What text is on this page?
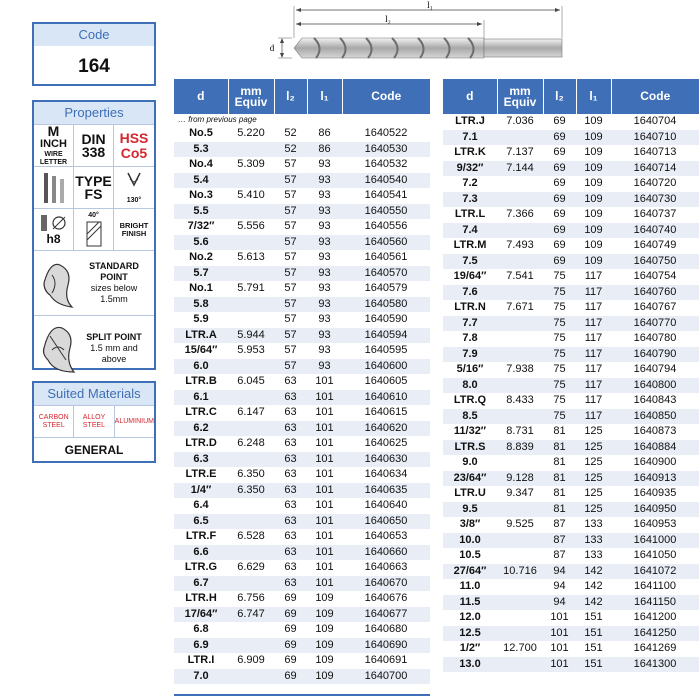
Code
164
Properties
M
INCH
WIRE
LETTER
DIN
338
HSS
Co5
TYPE
FS	130°
h8
40°
BRIGHT
FINISH
STANDARD
POINT
sizes below
1.5mm
SPLIT POINT
1.5 mm and
above
Suited Materials
CARBON
STEEL
ALLOY
STEEL
ALUMINIUM
GENERAL
l₁
l₂
d
d	mm
Equiv	l₂	l₁	Code
… from previous page				
No.5	5.220	52	86	1640522
5.3		52	86	1640530
No.4	5.309	57	93	1640532
5.4		57	93	1640540
No.3	5.410	57	93	1640541
5.5		57	93	1640550
7/32″	5.556	57	93	1640556
5.6		57	93	1640560
No.2	5.613	57	93	1640561
5.7		57	93	1640570
No.1	5.791	57	93	1640579
5.8		57	93	1640580
5.9		57	93	1640590
LTR.A	5.944	57	93	1640594
15/64″	5.953	57	93	1640595
6.0		57	93	1640600
LTR.B	6.045	63	101	1640605
6.1		63	101	1640610
LTR.C	6.147	63	101	1640615
6.2		63	101	1640620
LTR.D	6.248	63	101	1640625
6.3		63	101	1640630
LTR.E	6.350	63	101	1640634
1/4″	6.350	63	101	1640635
6.4		63	101	1640640
6.5		63	101	1640650
LTR.F	6.528	63	101	1640653
6.6		63	101	1640660
LTR.G	6.629	63	101	1640663
6.7		63	101	1640670
LTR.H	6.756	69	109	1640676
17/64″	6.747	69	109	1640677
6.8		69	109	1640680
6.9		69	109	1640690
LTR.I	6.909	69	109	1640691
7.0		69	109	1640700
d	mm
Equiv	l₂	l₁	Code
LTR.J	7.036	69	109	1640704
7.1		69	109	1640710
LTR.K	7.137	69	109	1640713
9/32″	7.144	69	109	1640714
7.2		69	109	1640720
7.3		69	109	1640730
LTR.L	7.366	69	109	1640737
7.4		69	109	1640740
LTR.M	7.493	69	109	1640749
7.5		69	109	1640750
19/64″	7.541	75	117	1640754
7.6		75	117	1640760
LTR.N	7.671	75	117	1640767
7.7		75	117	1640770
7.8		75	117	1640780
7.9		75	117	1640790
5/16″	7.938	75	117	1640794
8.0		75	117	1640800
LTR.Q	8.433	75	117	1640843
8.5		75	117	1640850
11/32″	8.731	81	125	1640873
LTR.S	8.839	81	125	1640884
9.0		81	125	1640900
23/64″	9.128	81	125	1640913
LTR.U	9.347	81	125	1640935
9.5		81	125	1640950
3/8″	9.525	87	133	1640953
10.0		87	133	1641000
10.5		87	133	1641050
27/64″	10.716	94	142	1641072
11.0		94	142	1641100
11.5		94	142	1641150
12.0		101	151	1641200
12.5		101	151	1641250
1/2″	12.700	101	151	1641269
13.0		101	151	1641300
